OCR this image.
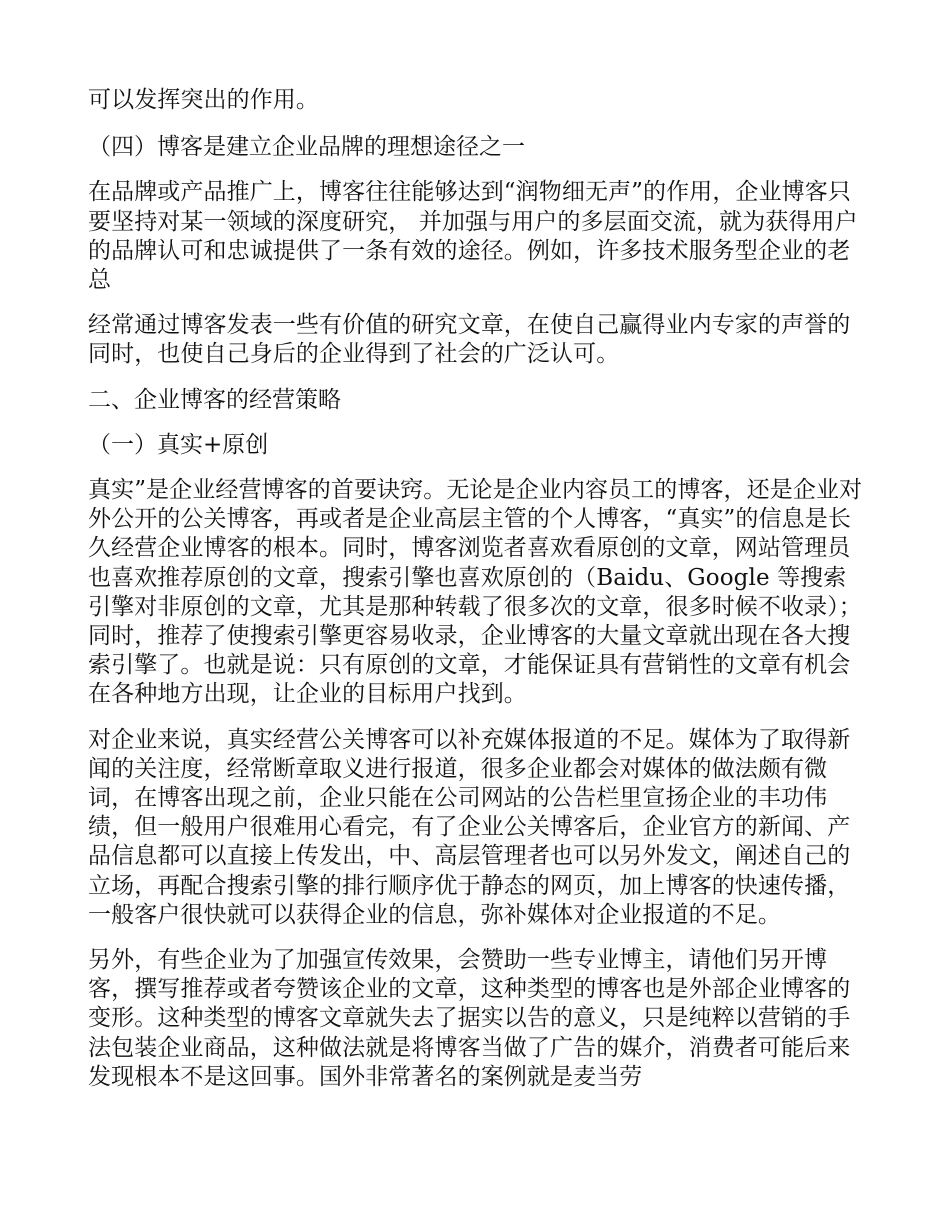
可以发挥突出的作用。

（四）博客是建立企业品牌的理想途径之一

在品牌或产品推广上，博客往往能够达到“润物细无声”的作用，企业博客只要坚持对某一领域的深度研究， 并加强与用户的多层面交流，就为获得用户的品牌认可和忠诚提供了一条有效的途径。例如，许多技术服务型企业的老总

经常通过博客发表一些有价值的研究文章，在使自己赢得业内专家的声誉的同时，也使自己身后的企业得到了社会的广泛认可。

二、企业博客的经营策略

（一）真实+原创

真实”是企业经营博客的首要诀窍。无论是企业内容员工的博客，还是企业对外公开的公关博客，再或者是企业高层主管的个人博客，“真实”的信息是长久经营企业博客的根本。同时，博客浏览者喜欢看原创的文章，网站管理员也喜欢推荐原创的文章，搜索引擎也喜欢原创的（Baidu、Google 等搜索引擎对非原创的文章，尤其是那种转载了很多次的文章，很多时候不收录）；同时，推荐了使搜索引擎更容易收录，企业博客的大量文章就出现在各大搜索引擎了。也就是说：只有原创的文章，才能保证具有营销性的文章有机会在各种地方出现，让企业的目标用户找到。

对企业来说，真实经营公关博客可以补充媒体报道的不足。媒体为了取得新闻的关注度，经常断章取义进行报道，很多企业都会对媒体的做法颇有微词，在博客出现之前，企业只能在公司网站的公告栏里宣扬企业的丰功伟绩，但一般用户很难用心看完，有了企业公关博客后，企业官方的新闻、产品信息都可以直接上传发出，中、高层管理者也可以另外发文，阐述自己的立场，再配合搜索引擎的排行顺序优于静态的网页，加上博客的快速传播，一般客户很快就可以获得企业的信息，弥补媒体对企业报道的不足。

另外，有些企业为了加强宣传效果，会赞助一些专业博主，请他们另开博客，撰写推荐或者夸赞该企业的文章，这种类型的博客也是外部企业博客的变形。这种类型的博客文章就失去了据实以告的意义，只是纯粹以营销的手法包装企业商品，这种做法就是将博客当做了广告的媒介，消费者可能后来发现根本不是这回事。国外非常著名的案例就是麦当劳
